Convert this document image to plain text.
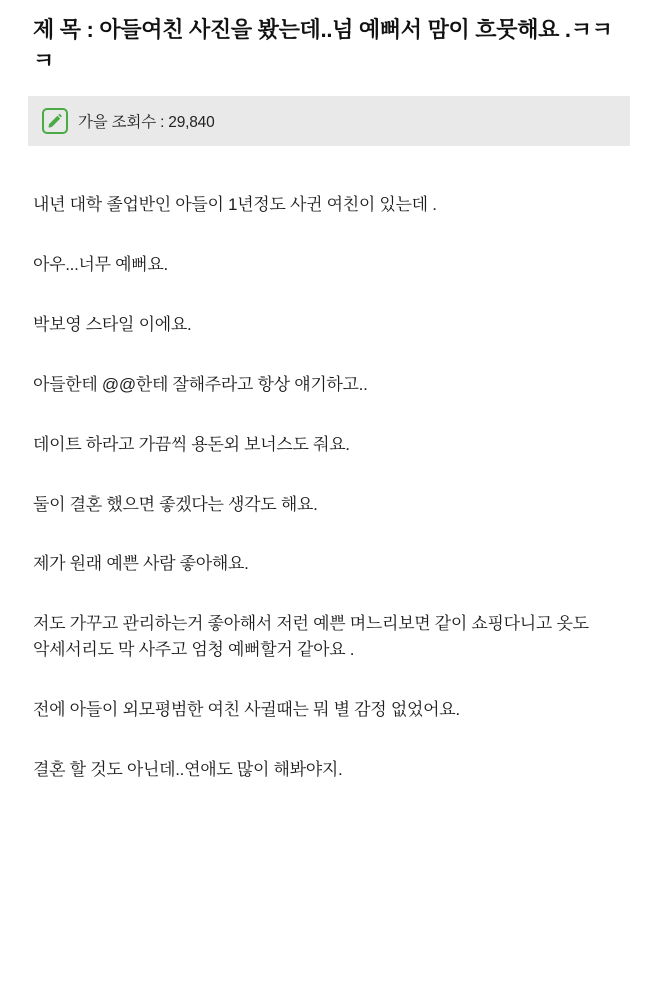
제 목 : 아들여친 사진을 봤는데..넘 예뻐서 맘이 흐뭇해요 .ㅋㅋㅋ
가을 조회수 : 29,840

내년 대학 졸업반인 아들이 1년정도 사귄 여친이 있는데 .

아우...너무 예뻐요.

박보영 스타일 이에요.

아들한테 @@한테 잘해주라고 항상 얘기하고..

데이트 하라고 가끔씩 용돈외 보너스도 줘요.

둘이 결혼 했으면 좋겠다는 생각도 해요.

제가 원래 예쁜 사람 좋아해요.

저도 가꾸고 관리하는거 좋아해서 저런 예쁜 며느리보면 같이 쇼핑다니고 옷도 악세서리도 막 사주고 엄청 예뻐할거 같아요 .

전에 아들이 외모평범한 여친 사귈때는 뭐 별 감정 없었어요.

결혼 할 것도 아닌데..연애도 많이 해봐야지.
